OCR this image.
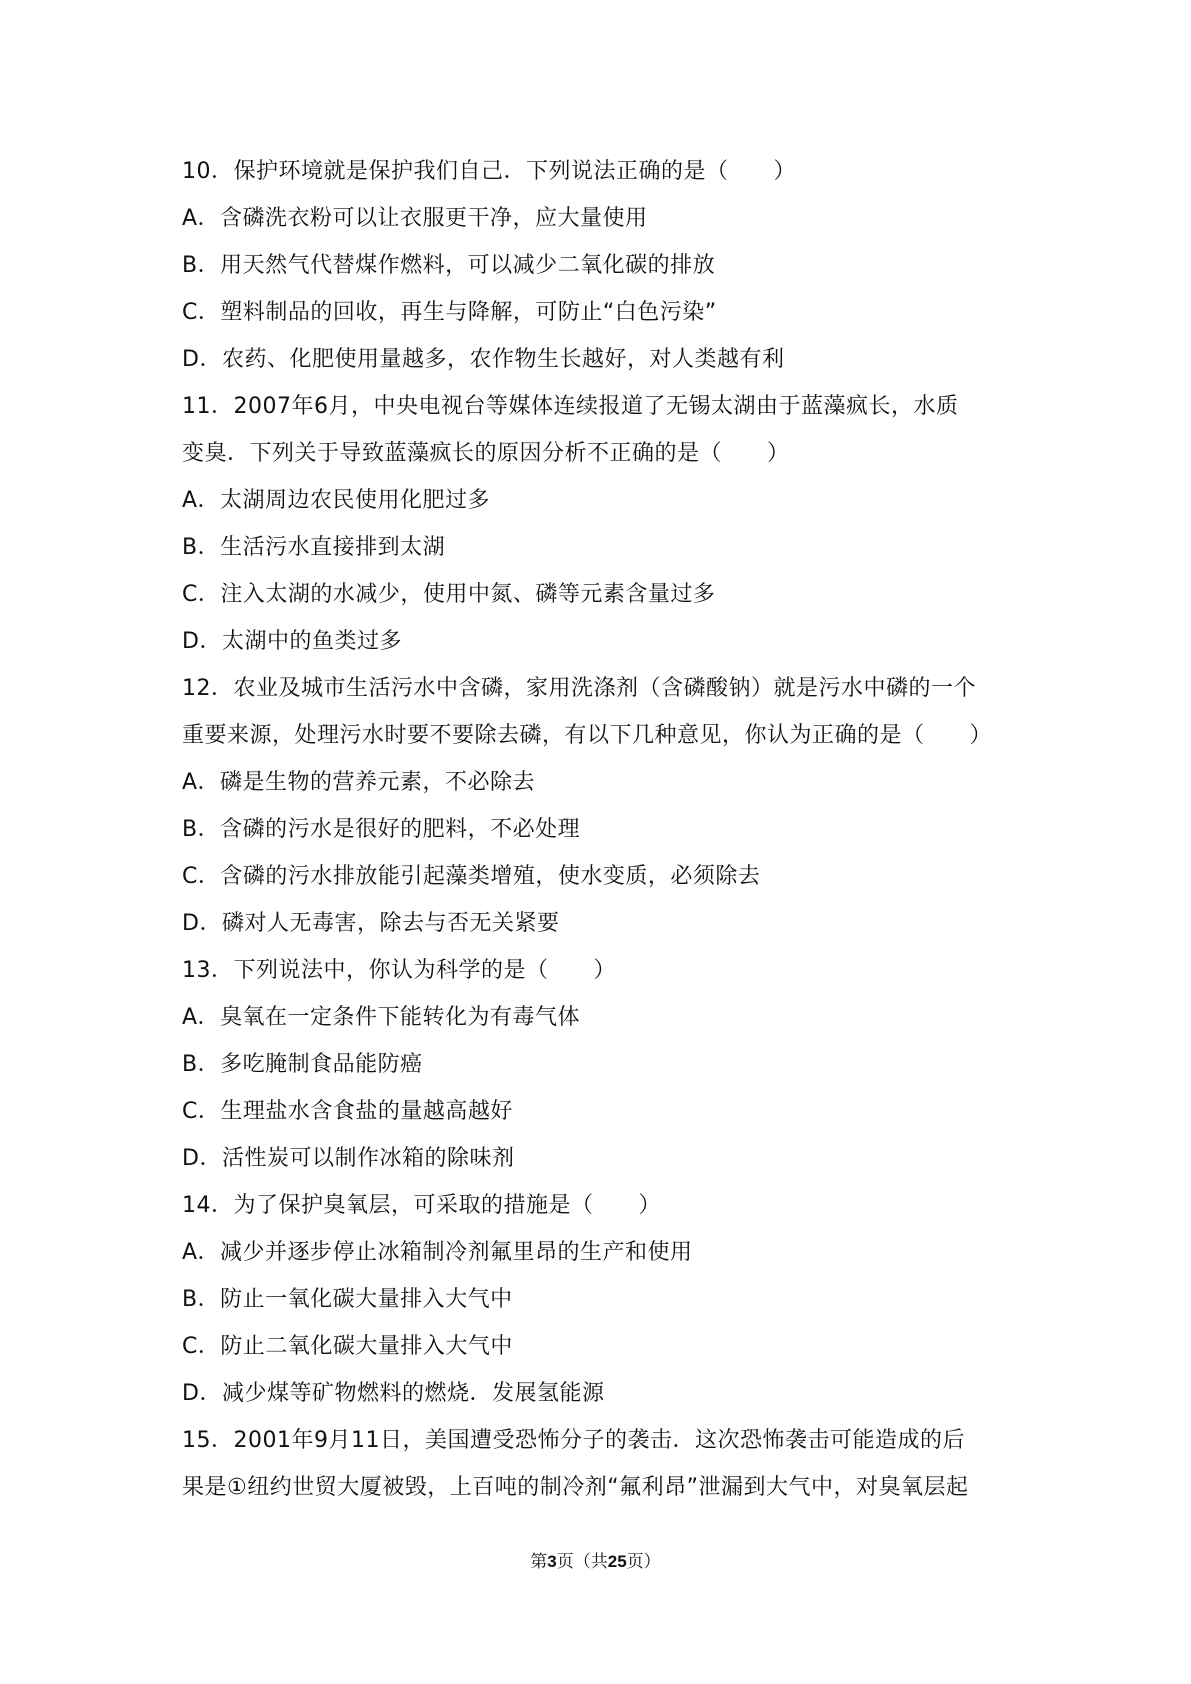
10．保护环境就是保护我们自己．下列说法正确的是（　　）
A．含磷洗衣粉可以让衣服更干净，应大量使用
B．用天然气代替煤作燃料，可以减少二氧化碳的排放
C．塑料制品的回收，再生与降解，可防止“白色污染”
D．农药、化肥使用量越多，农作物生长越好，对人类越有利
11．2007年6月，中央电视台等媒体连续报道了无锡太湖由于蓝藻疯长，水质
变臭．下列关于导致蓝藻疯长的原因分析不正确的是（　　）
A．太湖周边农民使用化肥过多
B．生活污水直接排到太湖
C．注入太湖的水减少，使用中氮、磷等元素含量过多
D．太湖中的鱼类过多
12．农业及城市生活污水中含磷，家用洗涤剂（含磷酸钠）就是污水中磷的一个
重要来源，处理污水时要不要除去磷，有以下几种意见，你认为正确的是（　　）
A．磷是生物的营养元素，不必除去
B．含磷的污水是很好的肥料，不必处理
C．含磷的污水排放能引起藻类增殖，使水变质，必须除去
D．磷对人无毒害，除去与否无关紧要
13．下列说法中，你认为科学的是（　　）
A．臭氧在一定条件下能转化为有毒气体
B．多吃腌制食品能防癌
C．生理盐水含食盐的量越高越好
D．活性炭可以制作冰箱的除味剂
14．为了保护臭氧层，可采取的措施是（　　）
A．减少并逐步停止冰箱制冷剂氟里昂的生产和使用
B．防止一氧化碳大量排入大气中
C．防止二氧化碳大量排入大气中
D．减少煤等矿物燃料的燃烧．发展氢能源
15．2001年9月11日，美国遭受恐怖分子的袭击．这次恐怖袭击可能造成的后
果是①纽约世贸大厦被毁，上百吨的制冷剂“氟利昂”泄漏到大气中，对臭氧层起
第3页（共25页）
